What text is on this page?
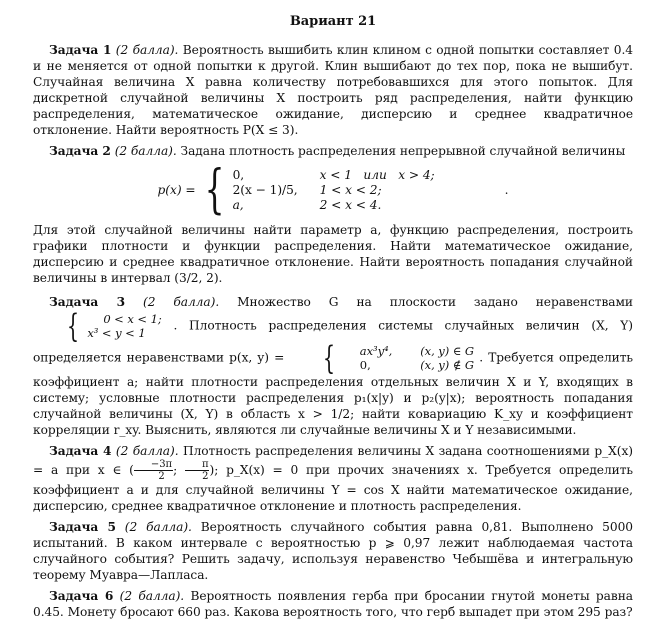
Вариант 21

Задача 1 (2 балла). Вероятность вышибить клин клином с одной попытки составляет 0.4 и не меняется от одной попытки к другой. Клин вышибают до тех пор, пока не вышибут. Случайная величина X равна количеству потребовавшихся для этого попыток. Для дискретной случайной величины X построить ряд распределения, найти функцию распределения, математическое ожидание, дисперсию и среднее квадратичное отклонение. Найти вероятность P(X ≤ 3).

Задача 2 (2 балла). Задана плотность распределения непрерывной случайной величины

p(x) = { 0,	x < 1   или   x > 4;
2(x − 1)/5, 1 < x < 2;
a,	2 < x < 4.
.

Для этой случайной величины найти параметр a, функцию распределения, построить графики плотности и функции распределения. Найти математическое ожидание, дисперсию и среднее квадратичное отклонение. Найти вероятность попадания случайной величины в интервал (3/2, 2).

Задача 3 (2 балла). Множество G на плоскости задано неравенствами { 0 < x < 1;
x³ < y < 1 . Плотность распределения системы случайных величин (X, Y) определяется неравенствами p(x, y) = {	ax³y⁴,	(x, y) ∈ G
0,	(x, y) ∉ G
. Требуется определить коэффициент a; найти плотности распределения отдельных величин X и Y, входящих в систему; условные плотности распределения p₁(x|y) и p₂(y|x); вероятность попадания случайной величины (X, Y) в область x > 1/2; найти ковариацию K_xy и коэффициент корреляции r_xy. Выяснить, являются ли случайные величины X и Y независимыми.

Задача 4 (2 балла). Плотность распределения величины X задана соотношениями p_X(x) = a при x ∈ ( $\frac{-3\pi}{2}$ ; $\frac{\pi}{2}$ ); p_X(x) = 0 при прочих значениях x. Требуется определить коэффициент a и для случайной величины Y = cos X найти математическое ожидание, дисперсию, среднее квадратичное отклонение и плотность распределения.

Задача 5 (2 балла). Вероятность случайного события равна 0,81. Выполнено 5000 испытаний. В каком интервале с вероятностью p ⩾ 0,97 лежит наблюдаемая частота случайного события? Решить задачу, используя неравенство Чебышёва и интегральную теорему Муавра—Лапласа.

Задача 6 (2 балла). Вероятность появления герба при бросании гнутой монеты равна 0.45. Монету бросают 660 раз. Какова вероятность того, что герб выпадет при этом 295 раз?
